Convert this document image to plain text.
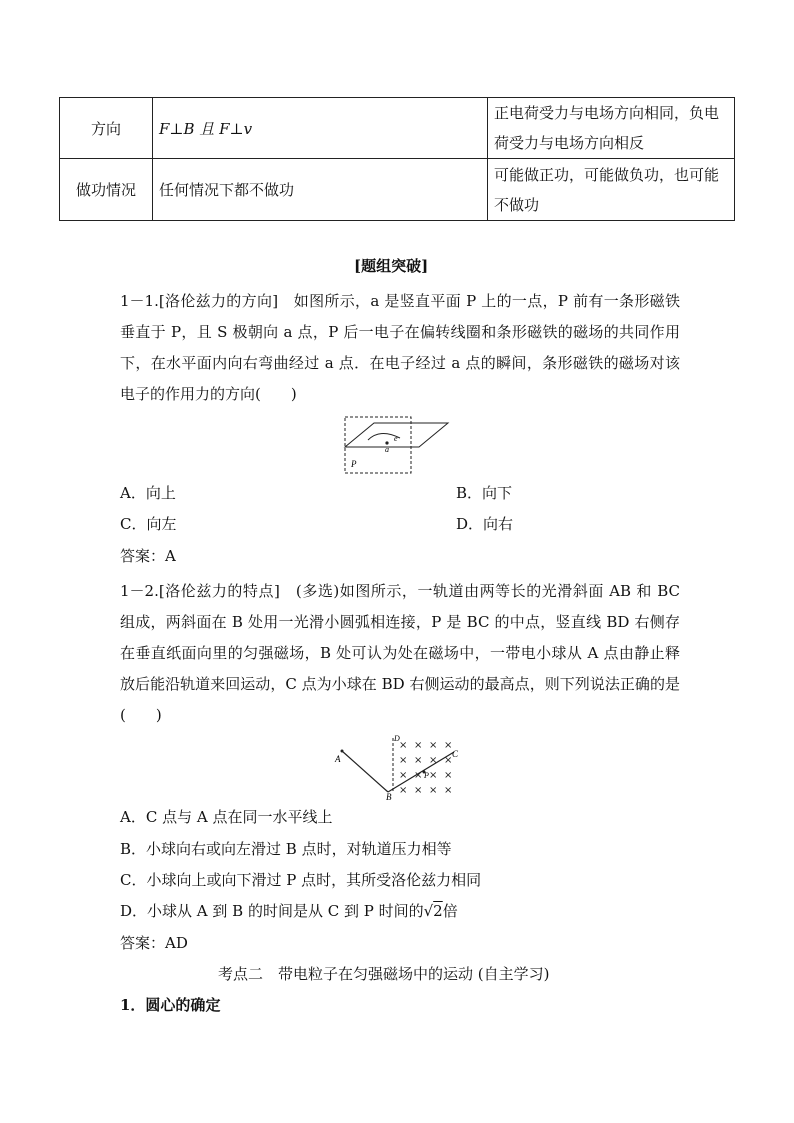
方向	F⊥B 且 F⊥v	正电荷受力与电场方向相同，负电荷受力与电场方向相反
做功情况	任何情况下都不做功	可能做正功，可能做负功，也可能不做功
[题组突破]
1－1.[洛伦兹力的方向]　如图所示，a 是竖直平面 P 上的一点，P 前有一条形磁铁垂直于 P，且 S 极朝向 a 点，P 后一电子在偏转线圈和条形磁铁的磁场的共同作用下，在水平面内向右弯曲经过 a 点．在电子经过 a 点的瞬间，条形磁铁的磁场对该电子的作用力的方向(　　)
e
a
P
A．向上	B．向下
C．向左	D．向右
答案：A
1－2.[洛伦兹力的特点]　(多选)如图所示，一轨道由两等长的光滑斜面 AB 和 BC 组成，两斜面在 B 处用一光滑小圆弧相连接，P 是 BC 的中点，竖直线 BD 右侧存在垂直纸面向里的匀强磁场，B 处可认为处在磁场中，一带电小球从 A 点由静止释放后能沿轨道来回运动，C 点为小球在 BD 右侧运动的最高点，则下列说法正确的是(　　)
× × × ×
× × × ×
× × × ×
× × × ×
A
B
C
D
P
A．C 点与 A 点在同一水平线上
B．小球向右或向左滑过 B 点时，对轨道压力相等
C．小球向上或向下滑过 P 点时，其所受洛伦兹力相同
D．小球从 A 到 B 的时间是从 C 到 P 时间的√2倍
答案：AD
考点二　带电粒子在匀强磁场中的运动 (自主学习)
1．圆心的确定
